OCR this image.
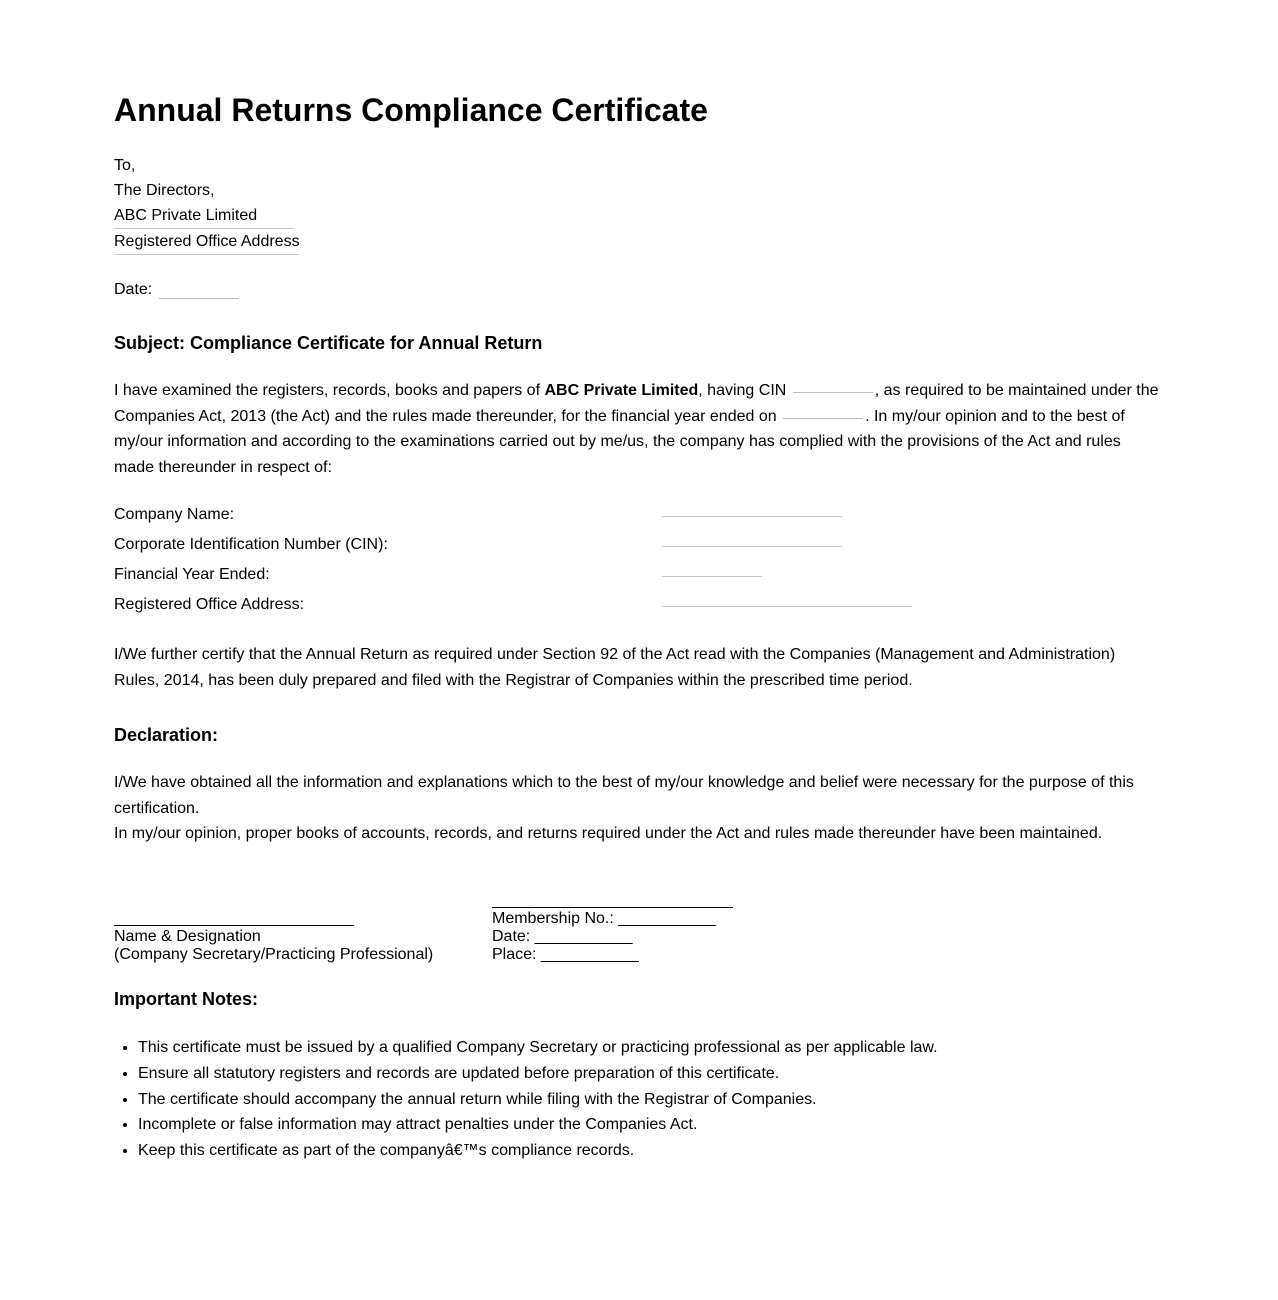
Annual Returns Compliance Certificate
To,
The Directors,
ABC Private Limited
Registered Office Address
Date:
Subject: Compliance Certificate for Annual Return
I have examined the registers, records, books and papers of ABC Private Limited, having CIN	, as required to be maintained under the Companies Act, 2013 (the Act) and the rules made thereunder, for the financial year ended on	. In my/our opinion and to the best of my/our information and according to the examinations carried out by me/us, the company has complied with the provisions of the Act and rules made thereunder in respect of:
Company Name:
Corporate Identification Number (CIN):
Financial Year Ended:
Registered Office Address:
I/We further certify that the Annual Return as required under Section 92 of the Act read with the Companies (Management and Administration) Rules, 2014, has been duly prepared and filed with the Registrar of Companies within the prescribed time period.
Declaration:
I/We have obtained all the information and explanations which to the best of my/our knowledge and belief were necessary for the purpose of this certification.
In my/our opinion, proper books of accounts, records, and returns required under the Act and rules made thereunder have been maintained.
Name & Designation
(Company Secretary/Practicing Professional)
Membership No.: ___________
Date: ___________
Place: ___________
Important Notes:
• This certificate must be issued by a qualified Company Secretary or practicing professional as per applicable law.
• Ensure all statutory registers and records are updated before preparation of this certificate.
• The certificate should accompany the annual return while filing with the Registrar of Companies.
• Incomplete or false information may attract penalties under the Companies Act.
• Keep this certificate as part of the companyâ€™s compliance records.
